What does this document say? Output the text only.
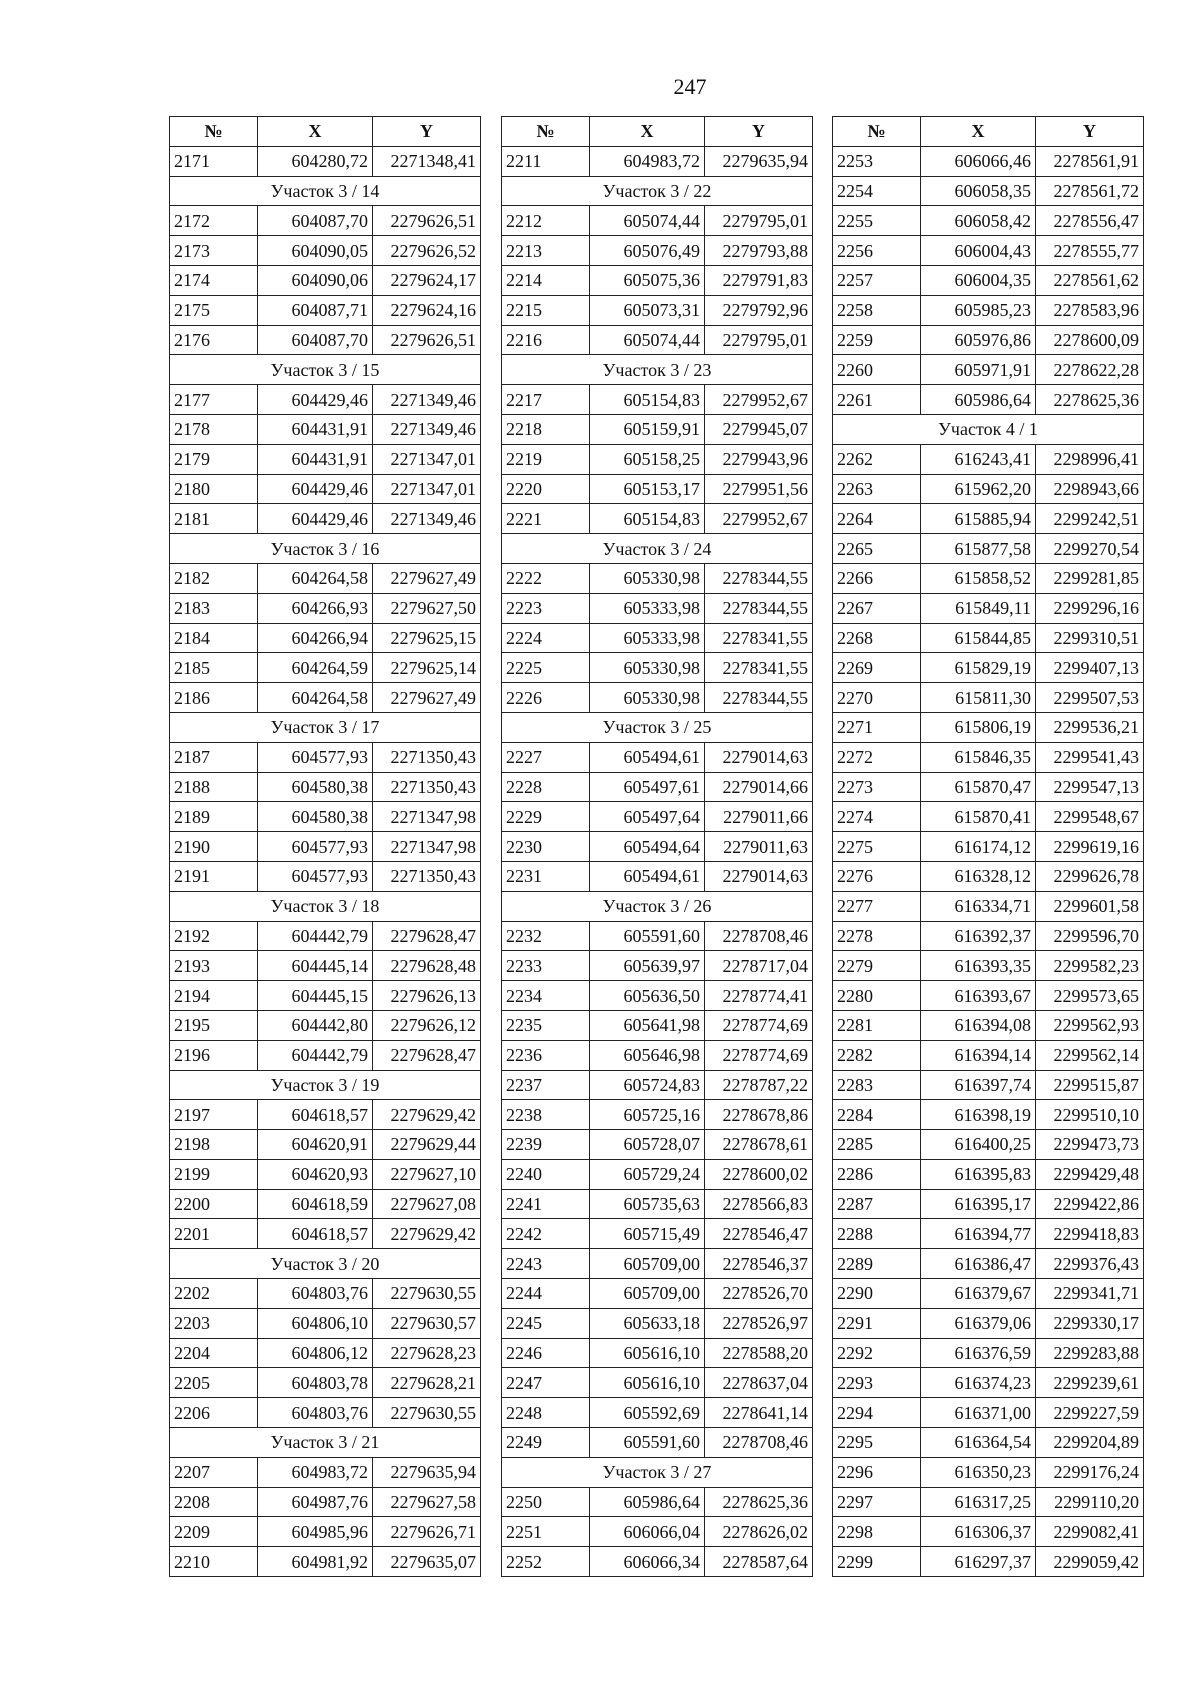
247
№	X	Y
2171	604280,72	2271348,41
Участок 3 / 14		
2172	604087,70	2279626,51
2173	604090,05	2279626,52
2174	604090,06	2279624,17
2175	604087,71	2279624,16
2176	604087,70	2279626,51
Участок 3 / 15		
2177	604429,46	2271349,46
2178	604431,91	2271349,46
2179	604431,91	2271347,01
2180	604429,46	2271347,01
2181	604429,46	2271349,46
Участок 3 / 16		
2182	604264,58	2279627,49
2183	604266,93	2279627,50
2184	604266,94	2279625,15
2185	604264,59	2279625,14
2186	604264,58	2279627,49
Участок 3 / 17		
2187	604577,93	2271350,43
2188	604580,38	2271350,43
2189	604580,38	2271347,98
2190	604577,93	2271347,98
2191	604577,93	2271350,43
Участок 3 / 18		
2192	604442,79	2279628,47
2193	604445,14	2279628,48
2194	604445,15	2279626,13
2195	604442,80	2279626,12
2196	604442,79	2279628,47
Участок 3 / 19		
2197	604618,57	2279629,42
2198	604620,91	2279629,44
2199	604620,93	2279627,10
2200	604618,59	2279627,08
2201	604618,57	2279629,42
Участок 3 / 20		
2202	604803,76	2279630,55
2203	604806,10	2279630,57
2204	604806,12	2279628,23
2205	604803,78	2279628,21
2206	604803,76	2279630,55
Участок 3 / 21		
2207	604983,72	2279635,94
2208	604987,76	2279627,58
2209	604985,96	2279626,71
2210	604981,92	2279635,07
№	X	Y
2211	604983,72	2279635,94
Участок 3 / 22		
2212	605074,44	2279795,01
2213	605076,49	2279793,88
2214	605075,36	2279791,83
2215	605073,31	2279792,96
2216	605074,44	2279795,01
Участок 3 / 23		
2217	605154,83	2279952,67
2218	605159,91	2279945,07
2219	605158,25	2279943,96
2220	605153,17	2279951,56
2221	605154,83	2279952,67
Участок 3 / 24		
2222	605330,98	2278344,55
2223	605333,98	2278344,55
2224	605333,98	2278341,55
2225	605330,98	2278341,55
2226	605330,98	2278344,55
Участок 3 / 25		
2227	605494,61	2279014,63
2228	605497,61	2279014,66
2229	605497,64	2279011,66
2230	605494,64	2279011,63
2231	605494,61	2279014,63
Участок 3 / 26		
2232	605591,60	2278708,46
2233	605639,97	2278717,04
2234	605636,50	2278774,41
2235	605641,98	2278774,69
2236	605646,98	2278774,69
2237	605724,83	2278787,22
2238	605725,16	2278678,86
2239	605728,07	2278678,61
2240	605729,24	2278600,02
2241	605735,63	2278566,83
2242	605715,49	2278546,47
2243	605709,00	2278546,37
2244	605709,00	2278526,70
2245	605633,18	2278526,97
2246	605616,10	2278588,20
2247	605616,10	2278637,04
2248	605592,69	2278641,14
2249	605591,60	2278708,46
Участок 3 / 27		
2250	605986,64	2278625,36
2251	606066,04	2278626,02
2252	606066,34	2278587,64
№	X	Y
2253	606066,46	2278561,91
2254	606058,35	2278561,72
2255	606058,42	2278556,47
2256	606004,43	2278555,77
2257	606004,35	2278561,62
2258	605985,23	2278583,96
2259	605976,86	2278600,09
2260	605971,91	2278622,28
2261	605986,64	2278625,36
Участок 4 / 1		
2262	616243,41	2298996,41
2263	615962,20	2298943,66
2264	615885,94	2299242,51
2265	615877,58	2299270,54
2266	615858,52	2299281,85
2267	615849,11	2299296,16
2268	615844,85	2299310,51
2269	615829,19	2299407,13
2270	615811,30	2299507,53
2271	615806,19	2299536,21
2272	615846,35	2299541,43
2273	615870,47	2299547,13
2274	615870,41	2299548,67
2275	616174,12	2299619,16
2276	616328,12	2299626,78
2277	616334,71	2299601,58
2278	616392,37	2299596,70
2279	616393,35	2299582,23
2280	616393,67	2299573,65
2281	616394,08	2299562,93
2282	616394,14	2299562,14
2283	616397,74	2299515,87
2284	616398,19	2299510,10
2285	616400,25	2299473,73
2286	616395,83	2299429,48
2287	616395,17	2299422,86
2288	616394,77	2299418,83
2289	616386,47	2299376,43
2290	616379,67	2299341,71
2291	616379,06	2299330,17
2292	616376,59	2299283,88
2293	616374,23	2299239,61
2294	616371,00	2299227,59
2295	616364,54	2299204,89
2296	616350,23	2299176,24
2297	616317,25	2299110,20
2298	616306,37	2299082,41
2299	616297,37	2299059,42
